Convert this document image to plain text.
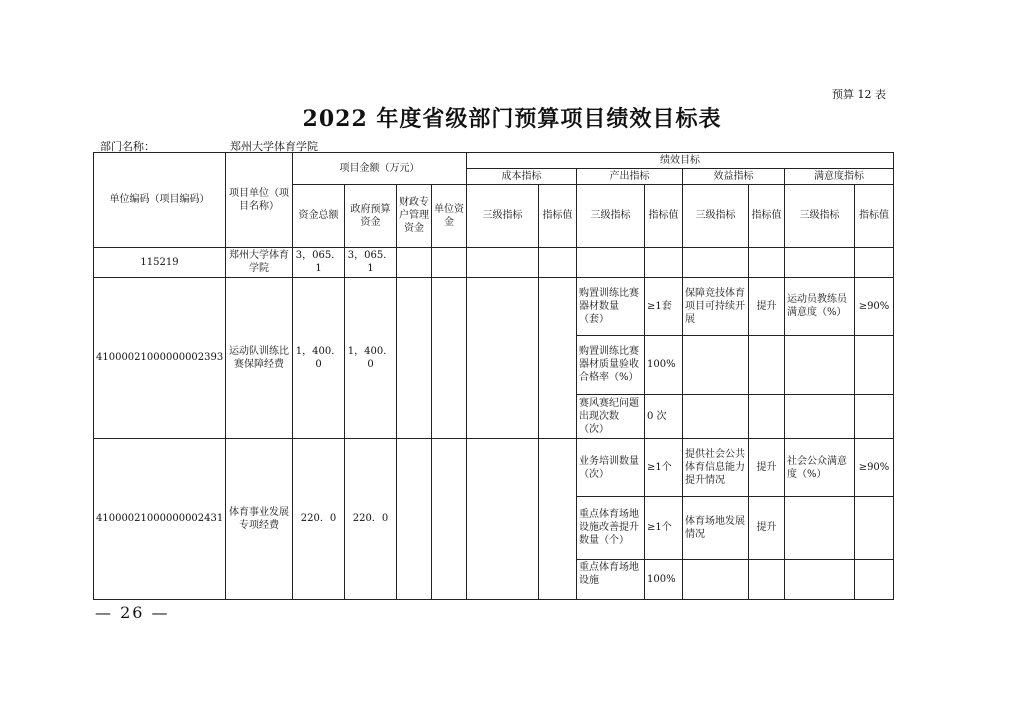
预算 12 表
2022 年度省级部门预算项目绩效目标表
部门名称：	郑州大学体育学院
单位编码（项目编码）	项目单位（项目名称）	项目金额（万元）				绩效目标							
						成本指标		产出指标		效益指标		满意度指标	
		资金总额	政府预算资金	财政专户管理资金	单位资金	三级指标	指标值	三级指标	指标值	三级指标	指标值	三级指标	指标值
115219	郑州大学体育学院	3，065．1	3，065．1										
41000021000000002393	运动队训练比赛保障经费	1，400．0	1，400．0					购置训练比赛器材数量（套）	≥1套	保障竞技体育项目可持续开展	提升	运动员教练员满意度（%）	≥90%
								购置训练比赛器材质量验收合格率（%）	100%				
								赛风赛纪问题出现次数（次）	0 次				
41000021000000002431	体育事业发展专项经费	220．0	220．0					业务培训数量（次）	≥1个	提供社会公共体育信息能力提升情况	提升	社会公众满意度（%）	≥90%
								重点体育场地设施改善提升数量（个）	≥1个	体育场地发展情况	提升		
								重点体育场地设施	100%				
— 26 —
